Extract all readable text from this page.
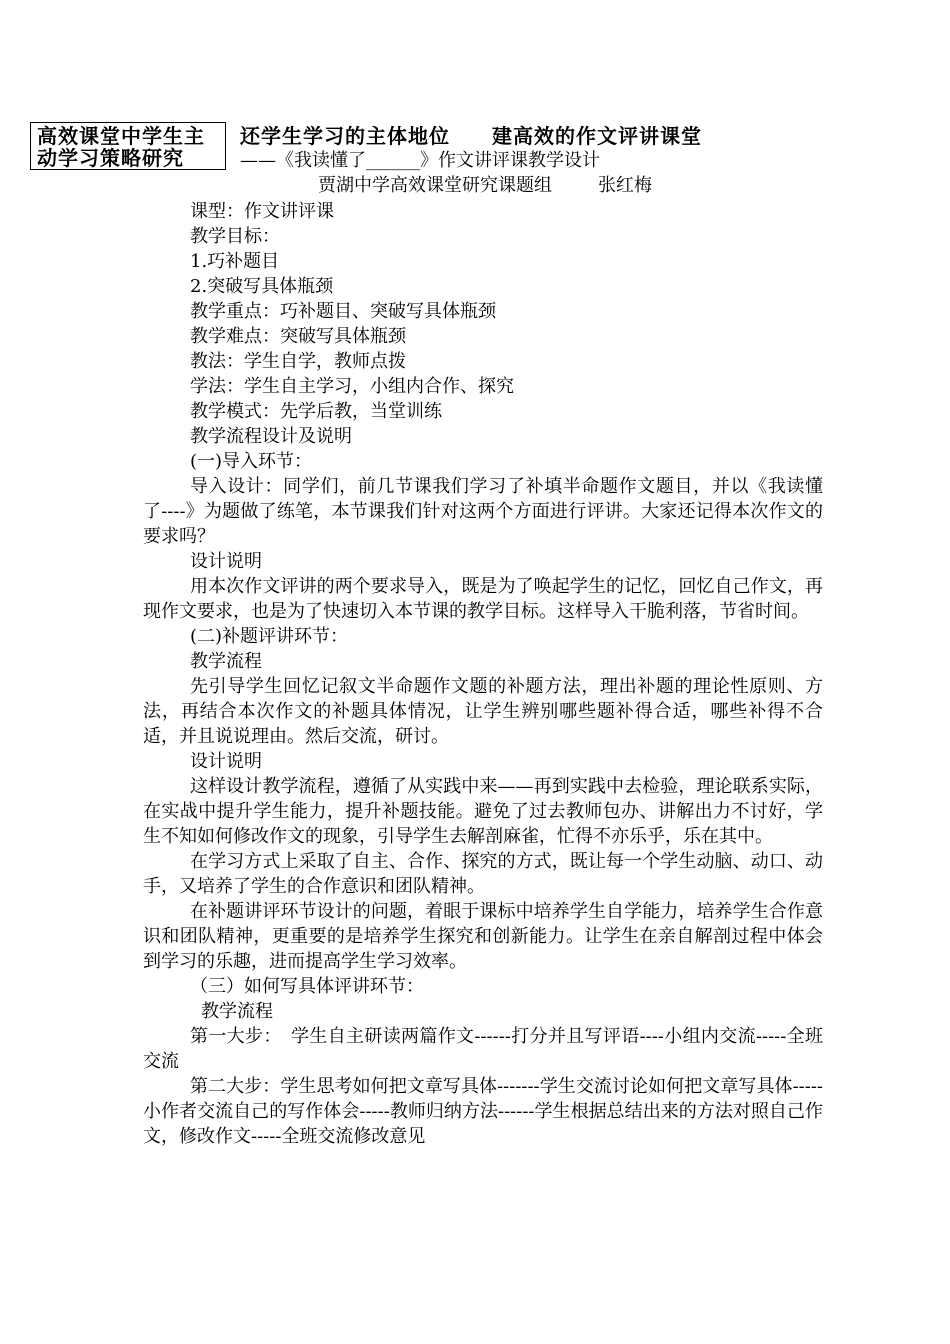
高效课堂中学生主动学习策略研究
还学生学习的主体地位 建高效的作文评讲课堂
——《我读懂了______》作文讲评课教学设计
贾湖中学高效课堂研究课题组	张红梅

课型：作文讲评课

教学目标：

1.巧补题目

2.突破写具体瓶颈

教学重点：巧补题目、突破写具体瓶颈

教学难点：突破写具体瓶颈

教法：学生自学，教师点拨

学法：学生自主学习，小组内合作、探究

教学模式：先学后教，当堂训练

教学流程设计及说明

(一)导入环节：

导入设计：同学们，前几节课我们学习了补填半命题作文题目，并以《我读懂了----》为题做了练笔，本节课我们针对这两个方面进行评讲。大家还记得本次作文的要求吗？

设计说明

用本次作文评讲的两个要求导入，既是为了唤起学生的记忆，回忆自己作文，再现作文要求，也是为了快速切入本节课的教学目标。这样导入干脆利落，节省时间。

(二)补题评讲环节：

教学流程

先引导学生回忆记叙文半命题作文题的补题方法，理出补题的理论性原则、方法，再结合本次作文的补题具体情况，让学生辨别哪些题补得合适，哪些补得不合适，并且说说理由。然后交流，研讨。

设计说明

这样设计教学流程，遵循了从实践中来——再到实践中去检验，理论联系实际，在实战中提升学生能力，提升补题技能。避免了过去教师包办、讲解出力不讨好，学生不知如何修改作文的现象，引导学生去解剖麻雀，忙得不亦乐乎，乐在其中。

在学习方式上采取了自主、合作、探究的方式，既让每一个学生动脑、动口、动手，又培养了学生的合作意识和团队精神。

在补题讲评环节设计的问题，着眼于课标中培养学生自学能力，培养学生合作意识和团队精神，更重要的是培养学生探究和创新能力。让学生在亲自解剖过程中体会到学习的乐趣，进而提高学生学习效率。

（三）如何写具体评讲环节：

教学流程

第一大步：　学生自主研读两篇作文------打分并且写评语----小组内交流-----全班交流

第二大步：学生思考如何把文章写具体-------学生交流讨论如何把文章写具体-----小作者交流自己的写作体会-----教师归纳方法------学生根据总结出来的方法对照自己作文，修改作文-----全班交流修改意见
